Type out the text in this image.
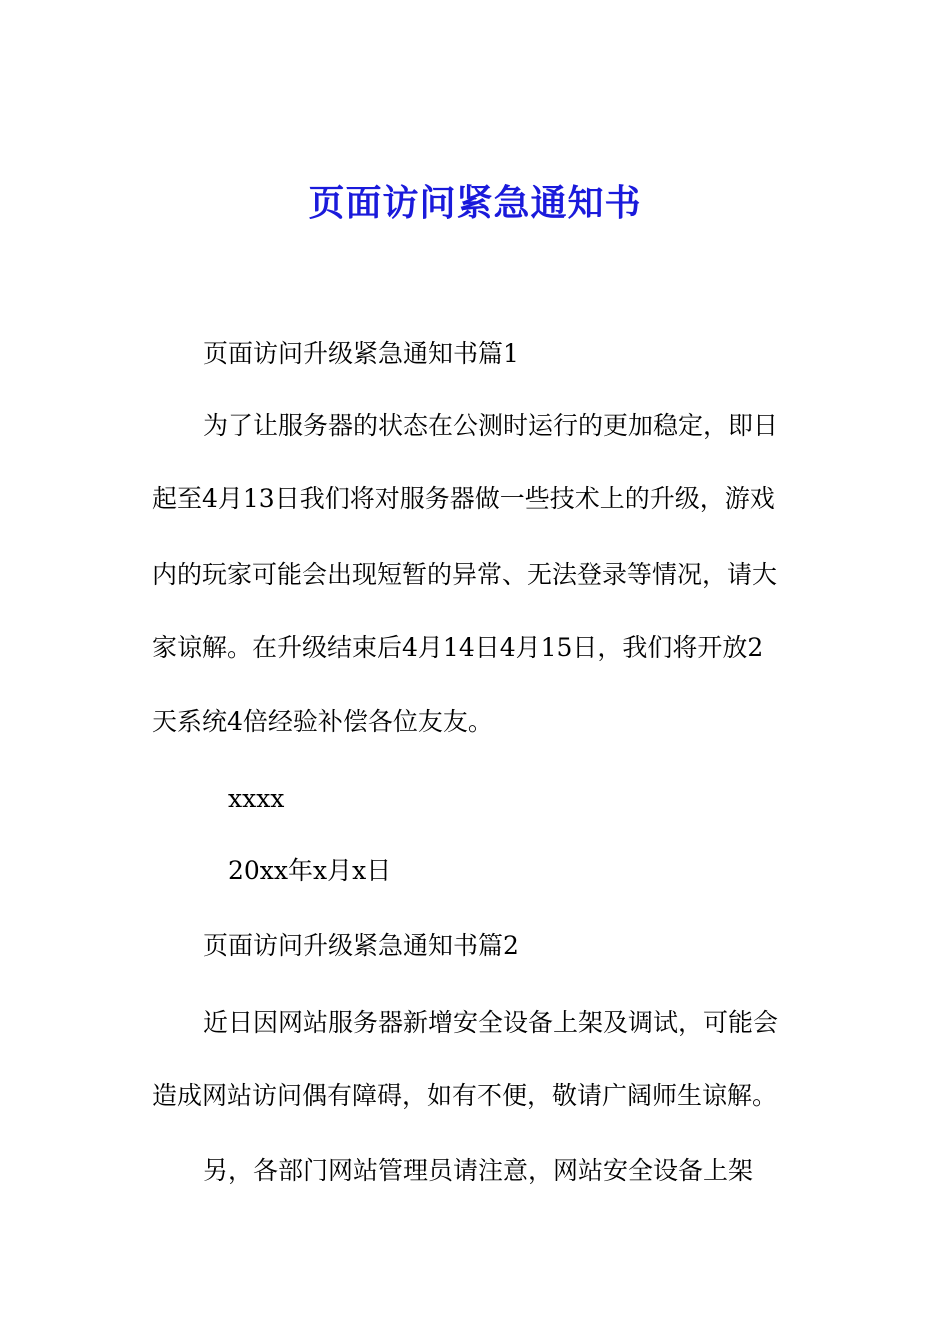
页面访问紧急通知书
页面访问升级紧急通知书篇1
为了让服务器的状态在公测时运行的更加稳定，即日
起至4月13日我们将对服务器做一些技术上的升级，游戏
内的玩家可能会出现短暂的异常、无法登录等情况，请大
家谅解。在升级结束后4月14日4月15日，我们将开放2
天系统4倍经验补偿各位友友。
xxxx
20xx年x月x日
页面访问升级紧急通知书篇2
近日因网站服务器新增安全设备上架及调试，可能会
造成网站访问偶有障碍，如有不便，敬请广阔师生谅解。
另，各部门网站管理员请注意，网站安全设备上架
